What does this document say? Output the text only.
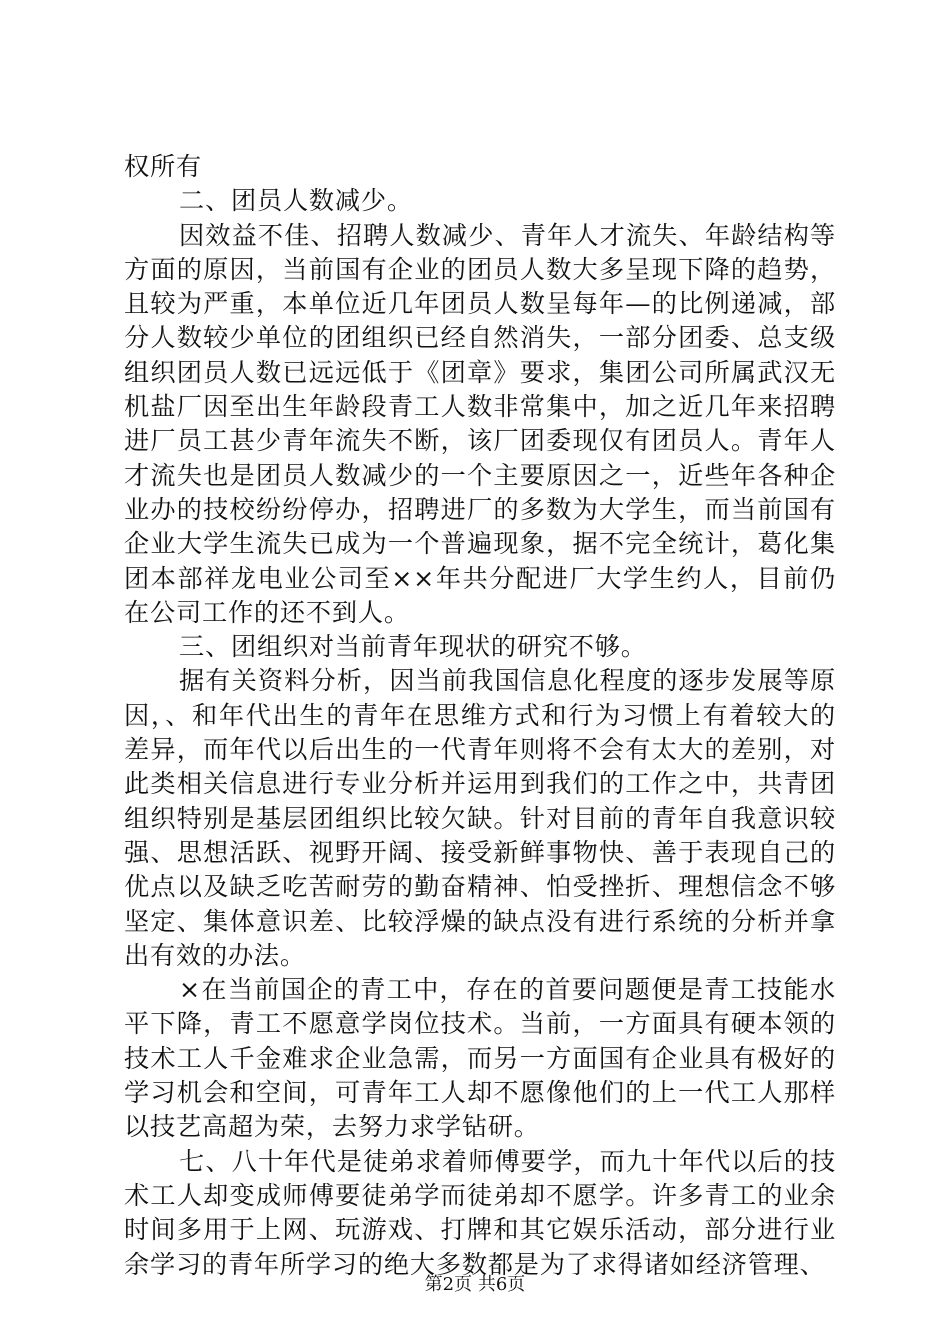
权所有

二、团员人数减少。

因效益不佳、招聘人数减少、青年人才流失、年龄结构等方面的原因，当前国有企业的团员人数大多呈现下降的趋势，且较为严重，本单位近几年团员人数呈每年—的比例递减，部分人数较少单位的团组织已经自然消失，一部分团委、总支级组织团员人数已远远低于《团章》要求，集团公司所属武汉无机盐厂因至出生年龄段青工人数非常集中，加之近几年来招聘进厂员工甚少青年流失不断，该厂团委现仅有团员人。青年人才流失也是团员人数减少的一个主要原因之一，近些年各种企业办的技校纷纷停办，招聘进厂的多数为大学生，而当前国有企业大学生流失已成为一个普遍现象，据不完全统计，葛化集团本部祥龙电业公司至××年共分配进厂大学生约人，目前仍在公司工作的还不到人。

三、团组织对当前青年现状的研究不够。

据有关资料分析，因当前我国信息化程度的逐步发展等原因，、和年代出生的青年在思维方式和行为习惯上有着较大的差异，而年代以后出生的一代青年则将不会有太大的差别，对此类相关信息进行专业分析并运用到我们的工作之中，共青团组织特别是基层团组织比较欠缺。针对目前的青年自我意识较强、思想活跃、视野开阔、接受新鲜事物快、善于表现自己的优点以及缺乏吃苦耐劳的勤奋精神、怕受挫折、理想信念不够坚定、集体意识差、比较浮燥的缺点没有进行系统的分析并拿出有效的办法。

×在当前国企的青工中，存在的首要问题便是青工技能水平下降，青工不愿意学岗位技术。当前，一方面具有硬本领的技术工人千金难求企业急需，而另一方面国有企业具有极好的学习机会和空间，可青年工人却不愿像他们的上一代工人那样以技艺高超为荣，去努力求学钻研。

七、八十年代是徒弟求着师傅要学，而九十年代以后的技术工人却变成师傅要徒弟学而徒弟却不愿学。许多青工的业余时间多用于上网、玩游戏、打牌和其它娱乐活动，部分进行业余学习的青年所学习的绝大多数都是为了求得诸如经济管理、

第2页 共6页
